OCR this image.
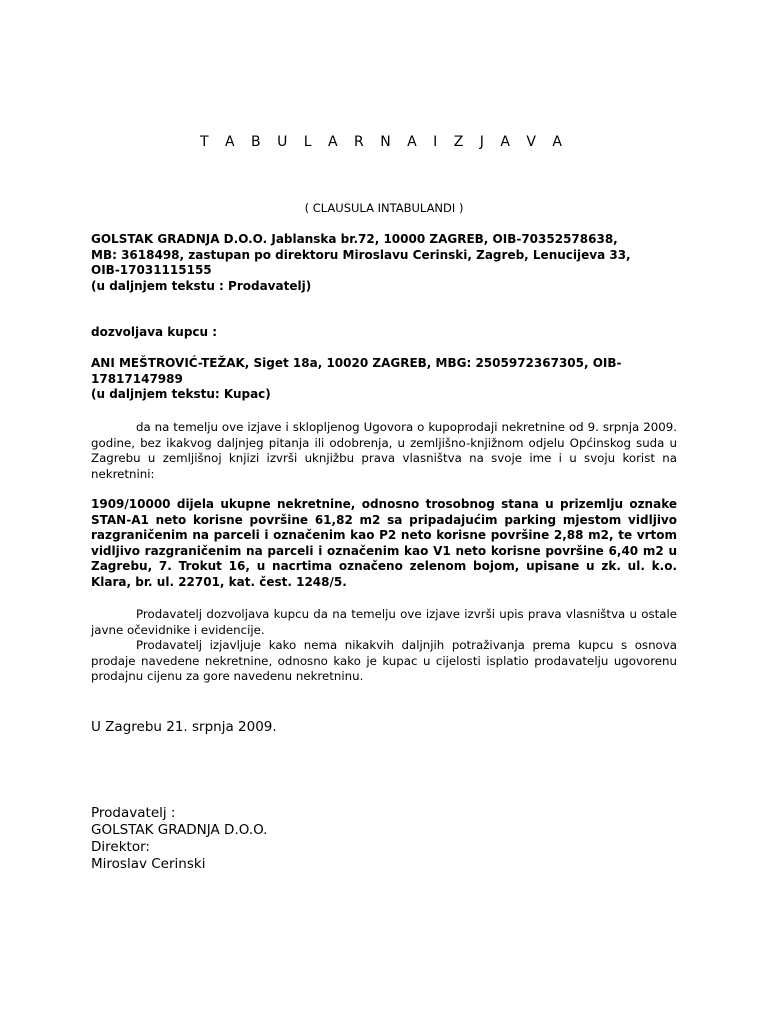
T A B U L A R N A I Z J A V A
( CLAUSULA INTABULANDI )
GOLSTAK GRADNJA D.O.O. Jablanska br.72, 10000 ZAGREB, OIB-70352578638,
MB: 3618498, zastupan po direktoru Miroslavu Cerinski, Zagreb, Lenucijeva 33,
OIB-17031115155
(u daljnjem tekstu : Prodavatelj)
dozvoljava kupcu :
ANI MEŠTROVIĆ-TEŽAK, Siget 18a, 10020 ZAGREB, MBG: 2505972367305, OIB-
17817147989
(u daljnjem tekstu: Kupac)
da na temelju ove izjave i sklopljenog Ugovora o kupoprodaji nekretnine od 9. srpnja 2009. godine, bez ikakvog daljnjeg pitanja ili odobrenja, u zemljišno-knjižnom odjelu Općinskog suda u Zagrebu u zemljišnoj knjizi izvrši uknjižbu prava vlasništva na svoje ime i u svoju korist na nekretnini:
1909/10000 dijela ukupne nekretnine, odnosno trosobnog stana u prizemlju oznake STAN-A1 neto korisne površine 61,82 m2 sa pripadajućim parking mjestom vidljivo razgraničenim na parceli i označenim kao P2 neto korisne površine 2,88 m2, te vrtom vidljivo razgraničenim na parceli i označenim kao V1 neto korisne površine 6,40 m2 u Zagrebu, 7. Trokut 16, u nacrtima označeno zelenom bojom, upisane u zk. ul. k.o. Klara, br. ul. 22701, kat. čest. 1248/5.
Prodavatelj dozvoljava kupcu da na temelju ove izjave izvrši upis prava vlasništva u ostale javne očevidnike i evidencije.
Prodavatelj izjavljuje kako nema nikakvih daljnjih potraživanja prema kupcu s osnova prodaje navedene nekretnine, odnosno kako je kupac u cijelosti isplatio prodavatelju ugovorenu prodajnu cijenu za gore navedenu nekretninu.
U Zagrebu 21. srpnja 2009.
Prodavatelj :
GOLSTAK GRADNJA D.O.O.
Direktor:
Miroslav Cerinski
